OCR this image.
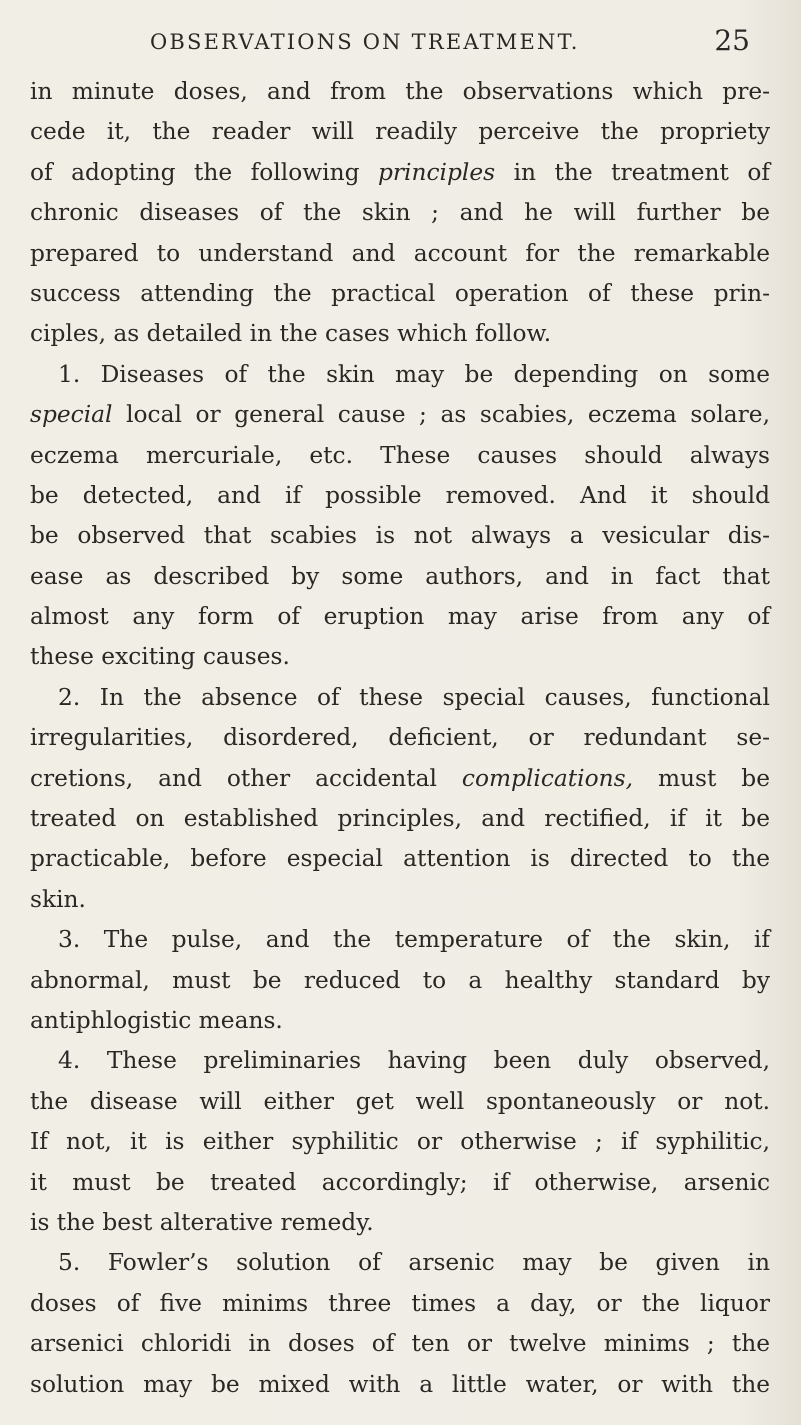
OBSERVATIONS ON TREATMENT.	25
in minute doses, and from the observations which pre-
cede it, the reader will readily perceive the propriety
of adopting the following principles in the treatment of
chronic diseases of the skin ; and he will further be
prepared to understand and account for the remarkable
success attending the practical operation of these prin-
ciples, as detailed in the cases which follow.
1. Diseases of the skin may be depending on some
special local or general cause ; as scabies, eczema solare,
eczema mercuriale, etc. These causes should always
be detected, and if possible removed. And it should
be observed that scabies is not always a vesicular dis-
ease as described by some authors, and in fact that
almost any form of eruption may arise from any of
these exciting causes.
2. In the absence of these special causes, functional
irregularities, disordered, deficient, or redundant se-
cretions, and other accidental complications, must be
treated on established principles, and rectified, if it be
practicable, before especial attention is directed to the
skin.
3. The pulse, and the temperature of the skin, if
abnormal, must be reduced to a healthy standard by
antiphlogistic means.
4. These preliminaries having been duly observed,
the disease will either get well spontaneously or not.
If not, it is either syphilitic or otherwise ; if syphilitic,
it must be treated accordingly; if otherwise, arsenic
is the best alterative remedy.
5. Fowler’s solution of arsenic may be given in
doses of five minims three times a day, or the liquor
arsenici chloridi in doses of ten or twelve minims ; the
solution may be mixed with a little water, or with the
